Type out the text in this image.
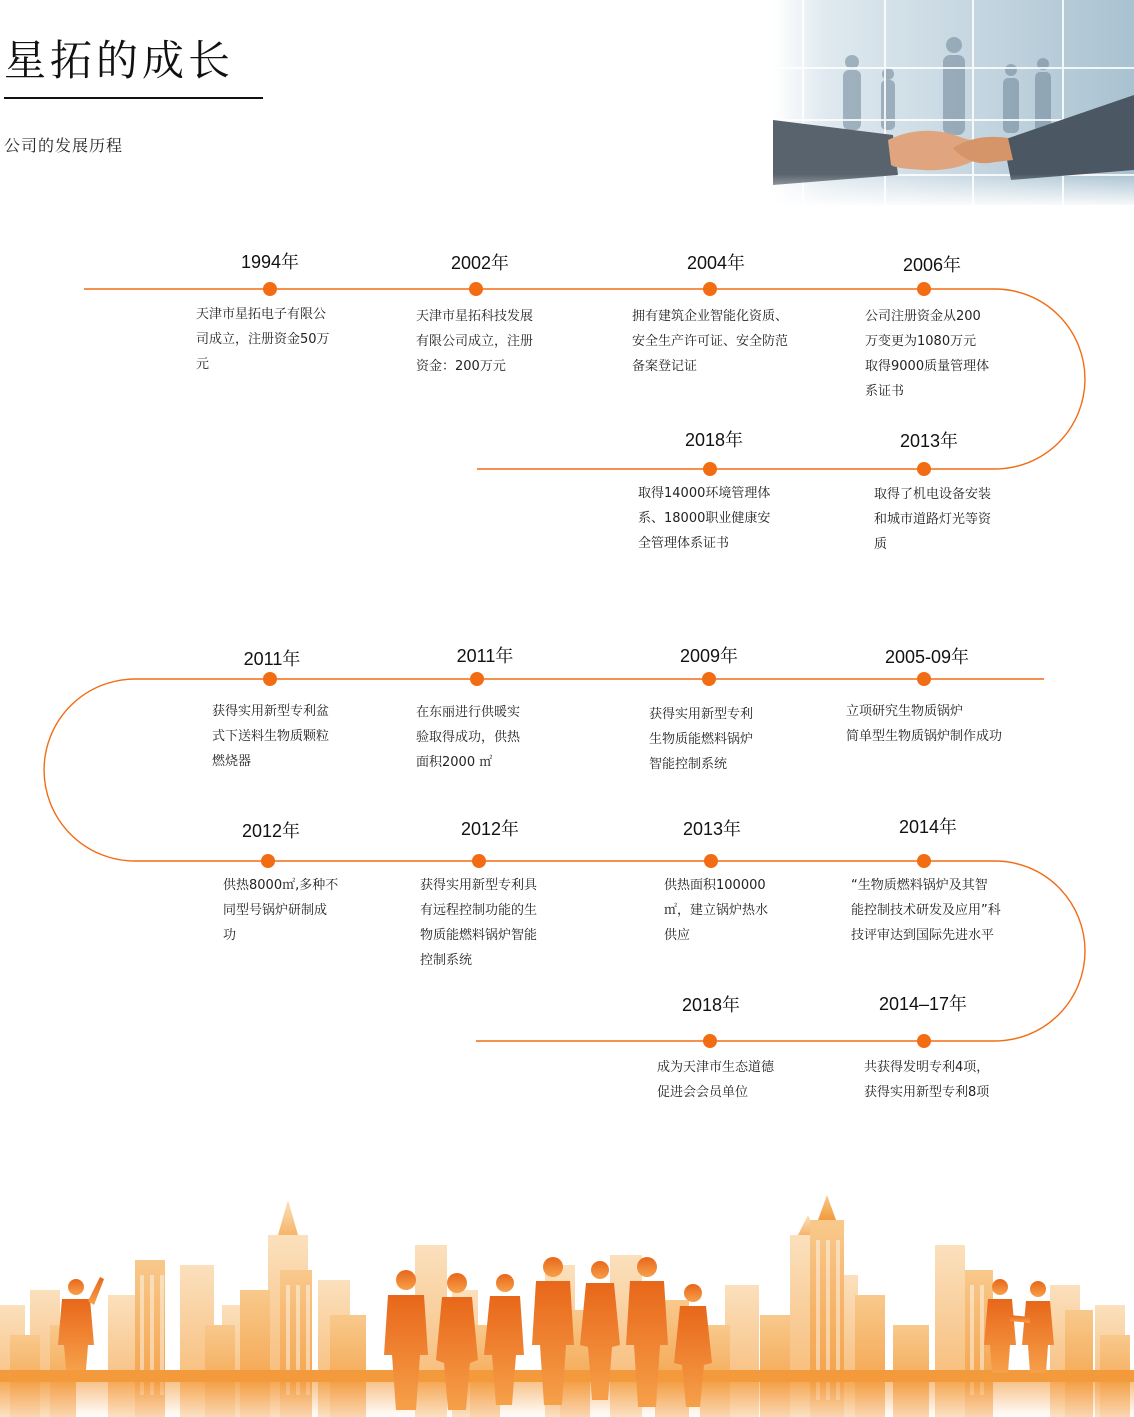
星拓的成长
公司的发展历程
1994年
天津市星拓电子有限公
司成立，注册资金50万
元
2002年
天津市星拓科技发展
有限公司成立，注册
资金：200万元
2004年
拥有建筑企业智能化资质、
安全生产许可证、安全防范
备案登记证
2006年
公司注册资金从200
万变更为1080万元
取得9000质量管理体
系证书
2018年
取得14000环境管理体
系、18000职业健康安
全管理体系证书
2013年
取得了机电设备安装
和城市道路灯光等资
质
2011年
获得实用新型专利盆
式下送料生物质颗粒
燃烧器
2011年
在东丽进行供暖实
验取得成功，供热
面积2000 ㎡
2009年
获得实用新型专利
生物质能燃料锅炉
智能控制系统
2005-09年
立项研究生物质锅炉
简单型生物质锅炉制作成功
2012年
供热8000㎡,多种不
同型号锅炉研制成
功
2012年
获得实用新型专利具
有远程控制功能的生
物质能燃料锅炉智能
控制系统
2013年
供热面积100000
㎡，建立锅炉热水
供应
2014年
“生物质燃料锅炉及其智
能控制技术研发及应用”科
技评审达到国际先进水平
2018年
成为天津市生态道德
促进会会员单位
2014–17年
共获得发明专利4项，
获得实用新型专利8项
